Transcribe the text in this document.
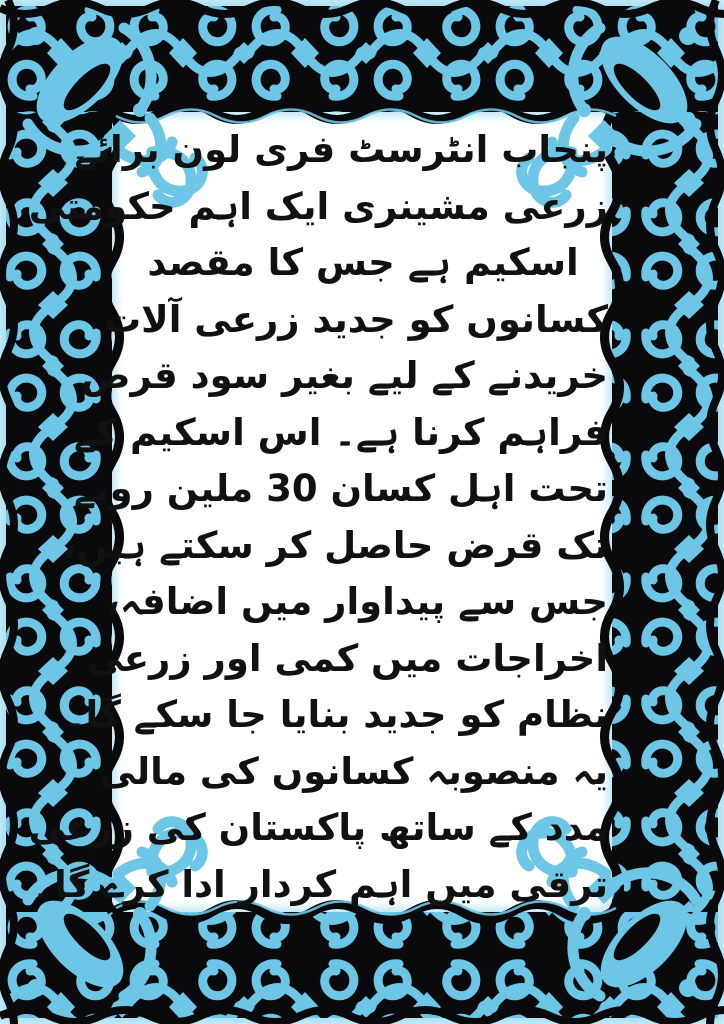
پنجاب انٹرسٹ فری لون برائے
زرعی مشینری ایک اہم حکومتی
اسکیم ہے جس کا مقصد
کسانوں کو جدید زرعی آلات
خریدنے کے لیے بغیر سود قرض
فراہم کرنا ہے۔ اس اسکیم کے
تحت اہل کسان 30 ملین روپے
تک قرض حاصل کر سکتے ہیں،
جس سے پیداوار میں اضافہ،
اخراجات میں کمی اور زرعی
نظام کو جدید بنایا جا سکے گا۔
یہ منصوبہ کسانوں کی مالی
مدد کے ساتھ پاکستان کی زرعی
ترقی میں اہم کردار ادا کرے گا۔
